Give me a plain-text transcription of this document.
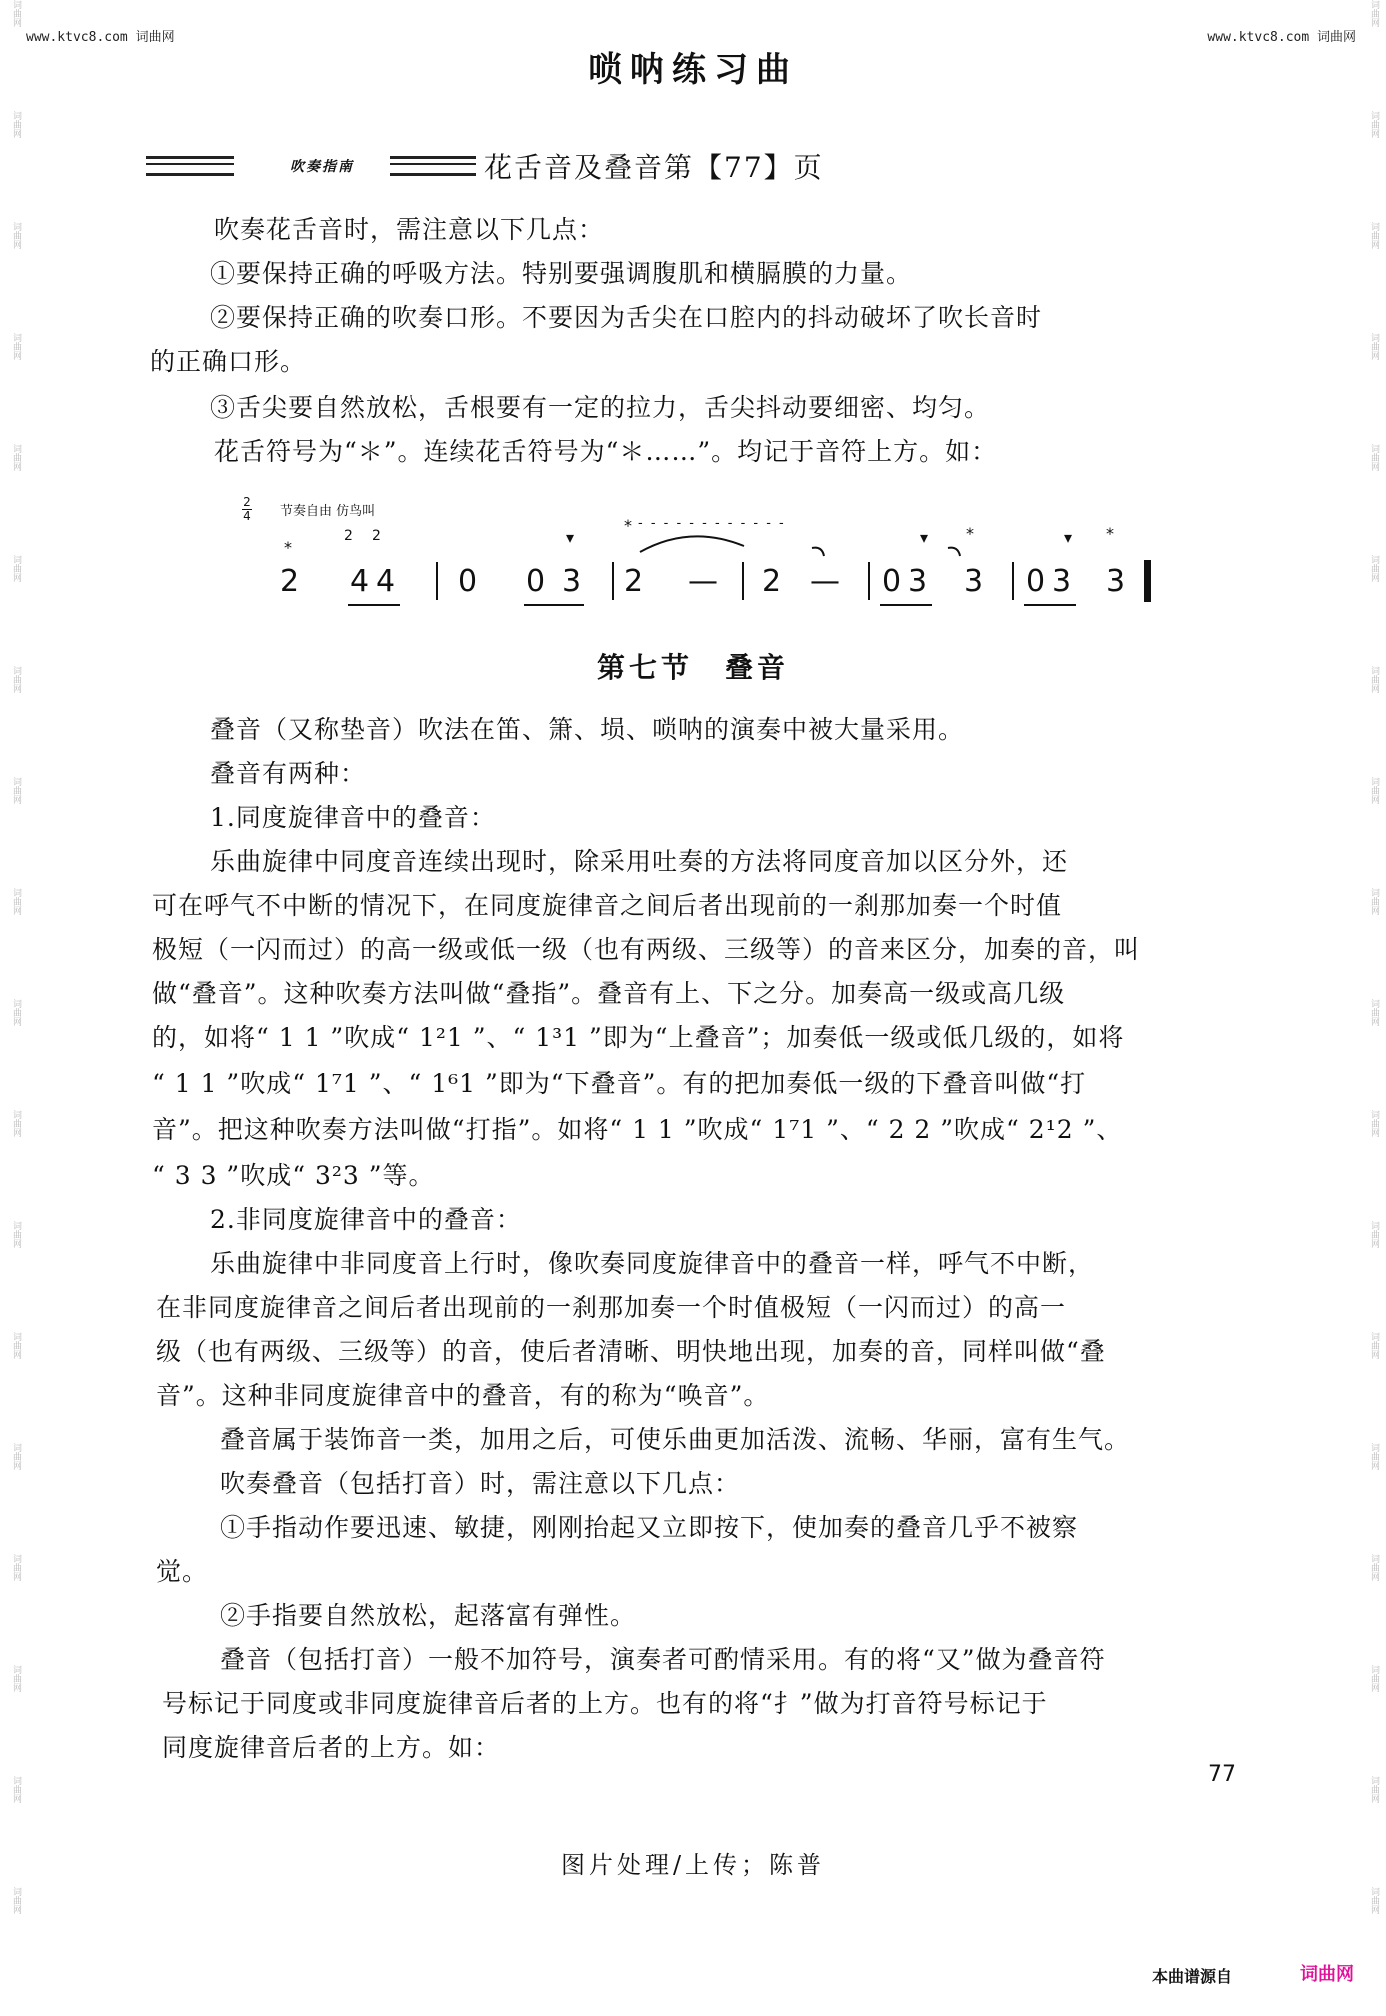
词曲网
词曲网
词曲网
词曲网
词曲网
词曲网
词曲网
词曲网
词曲网
词曲网
词曲网
词曲网
词曲网
词曲网
词曲网
词曲网
词曲网
词曲网
词曲网
词曲网
词曲网
词曲网
词曲网
词曲网
词曲网
词曲网
词曲网
词曲网
词曲网
词曲网
词曲网
词曲网
词曲网
词曲网
词曲网
词曲网
www.ktvc8.com 词曲网	www.ktvc8.com 词曲网
唢呐练习曲
吹奏指南	花舌音及叠音第【77】页
吹奏花舌音时，需注意以下几点：
①要保持正确的呼吸方法。特别要强调腹肌和横膈膜的力量。
②要保持正确的吹奏口形。不要因为舌尖在口腔内的抖动破坏了吹长音时
的正确口形。
③舌尖要自然放松，舌根要有一定的拉力，舌尖抖动要细密、均匀。
花舌符号为“＊”。连续花舌符号为“＊……”。均记于音符上方。如：
2
4 节奏自由 仿鸟叫
*
2
2 2
4 4 0 0
▾
3
* - - - - - - - - - - - -
2 — 2 — 0
▾
3
*
3 0
▾
3
*
3
第七节　叠音
叠音（又称垫音）吹法在笛、箫、埙、唢呐的演奏中被大量采用。
叠音有两种：
1.同度旋律音中的叠音：
乐曲旋律中同度音连续出现时，除采用吐奏的方法将同度音加以区分外，还
可在呼气不中断的情况下，在同度旋律音之间后者出现前的一刹那加奏一个时值
极短（一闪而过）的高一级或低一级（也有两级、三级等）的音来区分，加奏的音，叫
做“叠音”。这种吹奏方法叫做“叠指”。叠音有上、下之分。加奏高一级或高几级
的，如将“ 1 1 ”吹成“ 1²1 ”、“ 1³1 ”即为“上叠音”；加奏低一级或低几级的，如将
“ 1 1 ”吹成“ 1⁷1 ”、“ 1⁶1 ”即为“下叠音”。有的把加奏低一级的下叠音叫做“打
音”。把这种吹奏方法叫做“打指”。如将“ 1 1 ”吹成“ 1⁷1 ”、“ 2 2 ”吹成“ 2¹2 ”、
“ 3 3 ”吹成“ 3²3 ”等。
2.非同度旋律音中的叠音：
乐曲旋律中非同度音上行时，像吹奏同度旋律音中的叠音一样，呼气不中断，
在非同度旋律音之间后者出现前的一刹那加奏一个时值极短（一闪而过）的高一
级（也有两级、三级等）的音，使后者清晰、明快地出现，加奏的音，同样叫做“叠
音”。这种非同度旋律音中的叠音，有的称为“唤音”。
叠音属于装饰音一类，加用之后，可使乐曲更加活泼、流畅、华丽，富有生气。
吹奏叠音（包括打音）时，需注意以下几点：
①手指动作要迅速、敏捷，刚刚抬起又立即按下，使加奏的叠音几乎不被察
觉。
②手指要自然放松，起落富有弹性。
叠音（包括打音）一般不加符号，演奏者可酌情采用。有的将“又”做为叠音符
号标记于同度或非同度旋律音后者的上方。也有的将“扌”做为打音符号标记于
同度旋律音后者的上方。如：
77
图片处理/上传；陈普
本曲谱源自	词曲网
